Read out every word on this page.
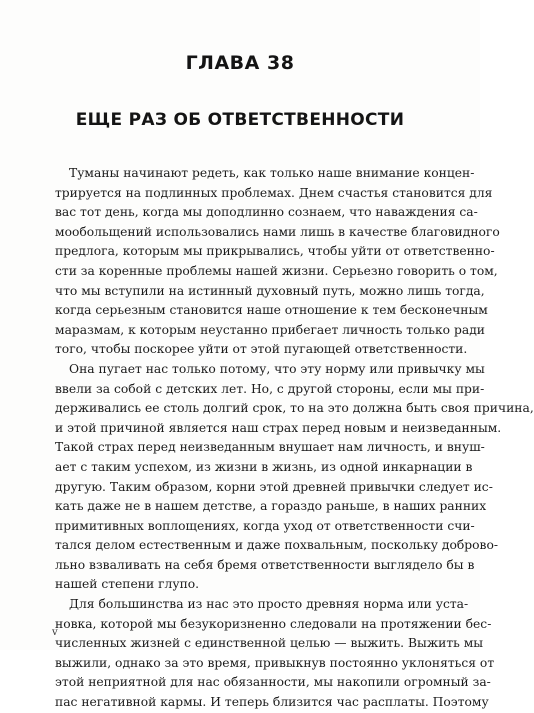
ГЛАВА 38
ЕЩЕ РАЗ ОБ ОТВЕТСТВЕННОСТИ
Туманы начинают редеть, как только наше внимание концен-
трируется на подлинных проблемах. Днем счастья становится для
вас тот день, когда мы доподлинно сознаем, что наваждения са-
мообольщений использовались нами лишь в качестве благовидного
предлога, которым мы прикрывались, чтобы уйти от ответственно-
сти за коренные проблемы нашей жизни. Серьезно говорить о том,
что мы вступили на истинный духовный путь, можно лишь тогда,
когда серьезным становится наше отношение к тем бесконечным
маразмам, к которым неустанно прибегает личность только ради
того, чтобы поскорее уйти от этой пугающей ответственности.
Она пугает нас только потому, что эту норму или привычку мы
ввели за собой с детских лет. Но, с другой стороны, если мы при-
держивались ее столь долгий срок, то на это должна быть своя причина,
и этой причиной является наш страх перед новым и неизведанным.
Такой страх перед неизведанным внушает нам личность, и внуш-
ает с таким успехом, из жизни в жизнь, из одной инкарнации в
другую. Таким образом, корни этой древней привычки следует ис-
кать даже не в нашем детстве, а гораздо раньше, в наших ранних
примитивных воплощениях, когда уход от ответственности счи-
тался делом естественным и даже похвальным, поскольку доброво-
льно взваливать на себя бремя ответственности выглядело бы в
нашей степени глупо.
Для большинства из нас это просто древняя норма или уста-
новка, которой мы безукоризненно следовали на протяжении бес-
численных жизней с единственной целью — выжить. Выжить мы
выжили, однако за это время, привыкнув постоянно уклоняться от
этой неприятной для нас обязанности, мы накопили огромный за-
пас негативной кармы. И теперь близится час расплаты. Поэтому
v
